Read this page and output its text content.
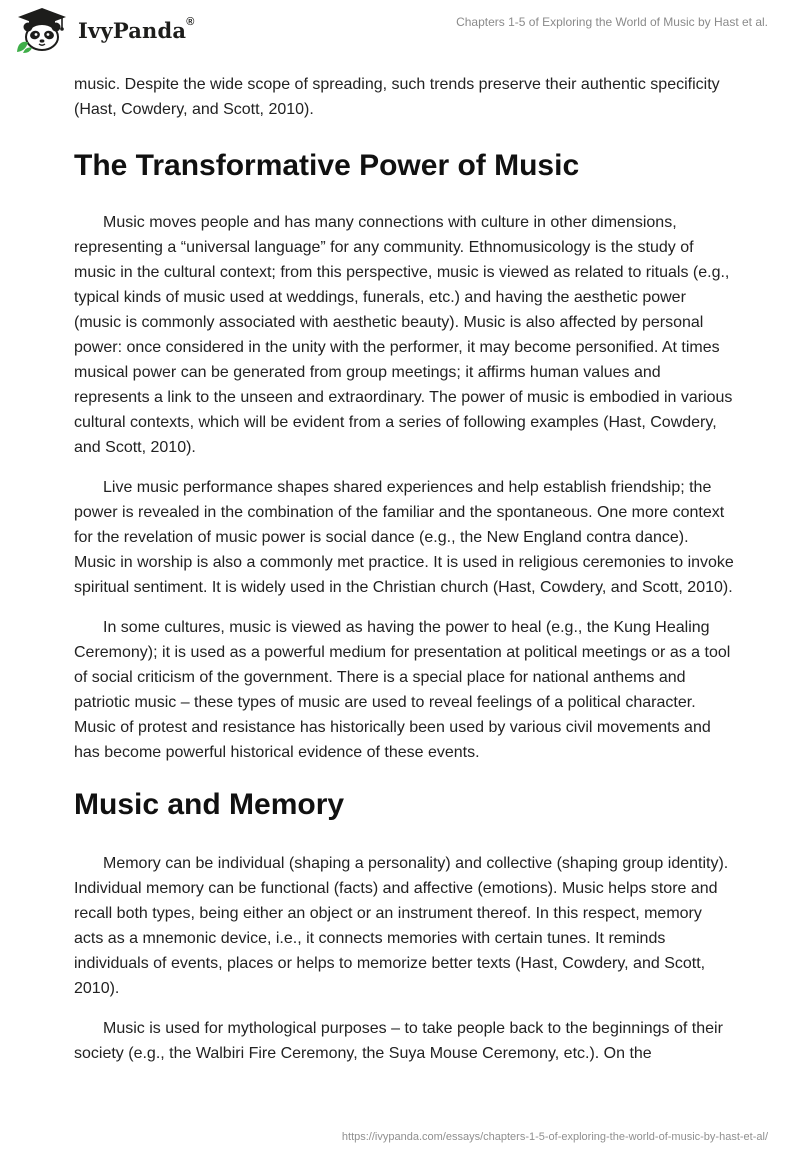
IvyPanda®	Chapters 1-5 of Exploring the World of Music by Hast et al.

music. Despite the wide scope of spreading, such trends preserve their authentic specificity (Hast, Cowdery, and Scott, 2010).

The Transformative Power of Music

Music moves people and has many connections with culture in other dimensions, representing a “universal language” for any community. Ethnomusicology is the study of music in the cultural context; from this perspective, music is viewed as related to rituals (e.g., typical kinds of music used at weddings, funerals, etc.) and having the aesthetic power (music is commonly associated with aesthetic beauty). Music is also affected by personal power: once considered in the unity with the performer, it may become personified. At times musical power can be generated from group meetings; it affirms human values and represents a link to the unseen and extraordinary. The power of music is embodied in various cultural contexts, which will be evident from a series of following examples (Hast, Cowdery, and Scott, 2010).

Live music performance shapes shared experiences and help establish friendship; the power is revealed in the combination of the familiar and the spontaneous. One more context for the revelation of music power is social dance (e.g., the New England contra dance). Music in worship is also a commonly met practice. It is used in religious ceremonies to invoke spiritual sentiment. It is widely used in the Christian church (Hast, Cowdery, and Scott, 2010).

In some cultures, music is viewed as having the power to heal (e.g., the Kung Healing Ceremony); it is used as a powerful medium for presentation at political meetings or as a tool of social criticism of the government. There is a special place for national anthems and patriotic music – these types of music are used to reveal feelings of a political character. Music of protest and resistance has historically been used by various civil movements and has become powerful historical evidence of these events.

Music and Memory

Memory can be individual (shaping a personality) and collective (shaping group identity). Individual memory can be functional (facts) and affective (emotions). Music helps store and recall both types, being either an object or an instrument thereof. In this respect, memory acts as a mnemonic device, i.e., it connects memories with certain tunes. It reminds individuals of events, places or helps to memorize better texts (Hast, Cowdery, and Scott, 2010).

Music is used for mythological purposes – to take people back to the beginnings of their society (e.g., the Walbiri Fire Ceremony, the Suya Mouse Ceremony, etc.). On the

https://ivypanda.com/essays/chapters-1-5-of-exploring-the-world-of-music-by-hast-et-al/
